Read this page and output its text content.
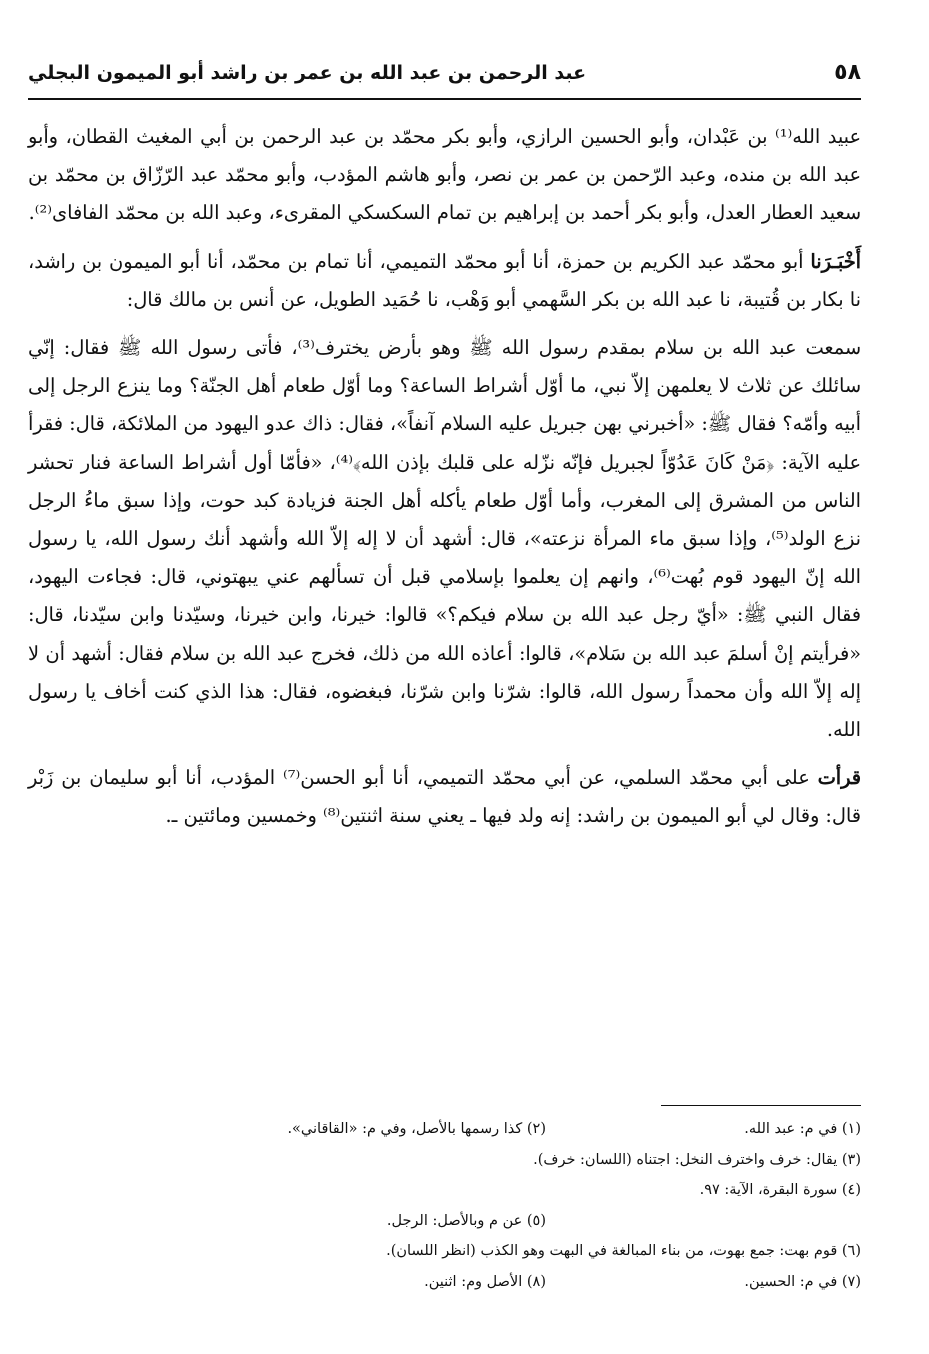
٥٨
عبد الرحمن بن عبد الله بن عمر بن راشد أبو الميمون البجلي

عبيد الله⁽¹⁾ بن عَبْدان، وأبو الحسين الرازي، وأبو بكر محمّد بن عبد الرحمن بن أبي المغيث القطان، وأبو عبد الله بن منده، وعبد الرّحمن بن عمر بن نصر، وأبو هاشم المؤدب، وأبو محمّد عبد الرّزّاق بن محمّد بن سعيد العطار العدل، وأبو بكر أحمد بن إبراهيم بن تمام السكسكي المقرىء، وعبد الله بن محمّد الفافاى⁽²⁾.

أَخْبَـرَنا أبو محمّد عبد الكريم بن حمزة، أنا أبو محمّد التميمي، أنا تمام بن محمّد، أنا أبو الميمون بن راشد، نا بكار بن قُتيبة، نا عبد الله بن بكر السَّهمي أبو وَهْب، نا حُمَيد الطويل، عن أنس بن مالك قال:

سمعت عبد الله بن سلام بمقدم رسول الله ﷺ وهو بأرض يخترف⁽³⁾، فأتى رسول الله ﷺ فقال: إنّي سائلك عن ثلاث لا يعلمهن إلاّ نبي، ما أوّل أشراط الساعة؟ وما أوّل طعام أهل الجنّة؟ وما ينزع الرجل إلى أبيه وأمّه؟ فقال ﷺ: «أخبرني بهن جبريل عليه السلام آنفاً»، فقال: ذاك عدو اليهود من الملائكة، قال: فقرأ عليه الآية: ﴿مَنْ كَانَ عَدُوّاً لجبريل فإنّه نزّله على قلبك بإذن الله﴾⁽⁴⁾، «فأمّا أول أشراط الساعة فنار تحشر الناس من المشرق إلى المغرب، وأما أوّل طعام يأكله أهل الجنة فزيادة كبد حوت، وإذا سبق ماءُ الرجل نزع الولد⁽⁵⁾، وإذا سبق ماء المرأة نزعته»، قال: أشهد أن لا إله إلاّ الله وأشهد أنك رسول الله، يا رسول الله إنّ اليهود قوم بُهت⁽⁶⁾، وانهم إن يعلموا بإسلامي قبل أن تسألهم عني يبهتوني، قال: فجاءت اليهود، فقال النبي ﷺ: «أيّ رجل عبد الله بن سلام فيكم؟» قالوا: خيرنا، وابن خيرنا، وسيّدنا وابن سيّدنا، قال: «فرأيتم إنْ أسلمَ عبد الله بن سَلام»، قالوا: أعاذه الله من ذلك، فخرج عبد الله بن سلام فقال: أشهد أن لا إله إلاّ الله وأن محمداً رسول الله، قالوا: شرّنا وابن شرّنا، فبغضوه، فقال: هذا الذي كنت أخاف يا رسول الله.

قرأت على أبي محمّد السلمي، عن أبي محمّد التميمي، أنا أبو الحسن⁽⁷⁾ المؤدب، أنا أبو سليمان بن زَبْر قال: وقال لي أبو الميمون بن راشد: إنه ولد فيها ـ يعني سنة اثنتين⁽⁸⁾ وخمسين ومائتين ـ.

(١) في م: عبد الله.
(٢) كذا رسمها بالأصل، وفي م: «القاقاني».
(٣) يقال: خرف واخترف النخل: اجتناه (اللسان: خرف).
(٤) سورة البقرة، الآية: ٩٧.
(٥) عن م وبالأصل: الرجل.
(٦) قوم بهت: جمع بهوت، من بناء المبالغة في البهت وهو الكذب (انظر اللسان).
(٧) في م: الحسين.
(٨) الأصل وم: اثنين.
